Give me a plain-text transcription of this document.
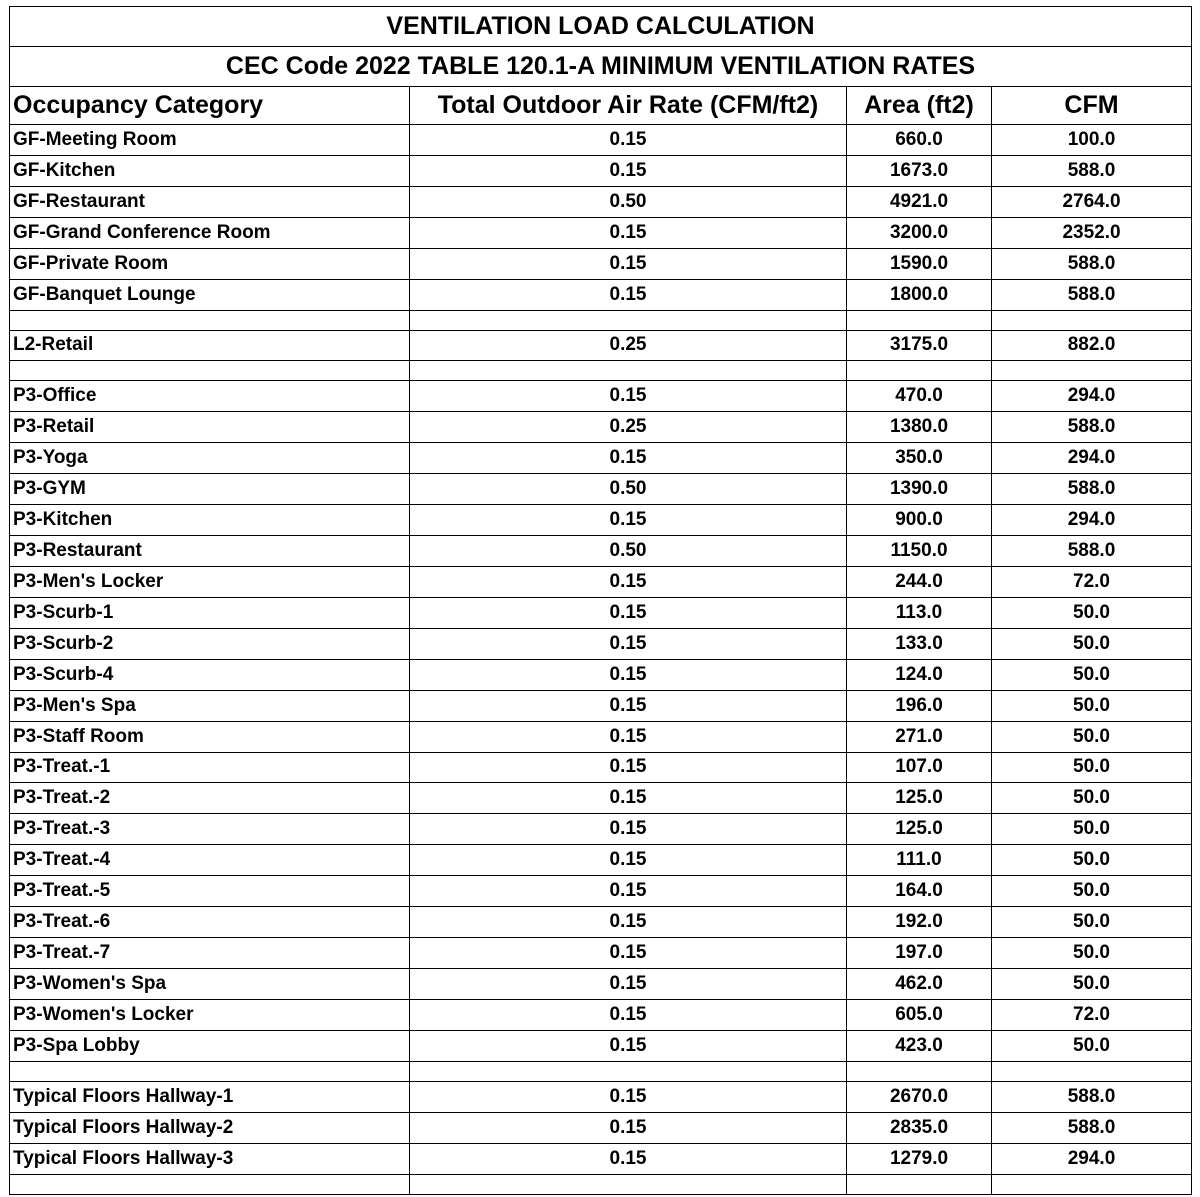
VENTILATION LOAD CALCULATION			
CEC Code 2022 TABLE 120.1-A MINIMUM VENTILATION RATES			
Occupancy Category	Total Outdoor Air Rate (CFM/ft2)	Area (ft2)	CFM
GF-Meeting Room	0.15	660.0	100.0
GF-Kitchen	0.15	1673.0	588.0
GF-Restaurant	0.50	4921.0	2764.0
GF-Grand Conference Room	0.15	3200.0	2352.0
GF-Private Room	0.15	1590.0	588.0
GF-Banquet Lounge	0.15	1800.0	588.0

L2-Retail	0.25	3175.0	882.0

P3-Office	0.15	470.0	294.0
P3-Retail	0.25	1380.0	588.0
P3-Yoga	0.15	350.0	294.0
P3-GYM	0.50	1390.0	588.0
P3-Kitchen	0.15	900.0	294.0
P3-Restaurant	0.50	1150.0	588.0
P3-Men's Locker	0.15	244.0	72.0
P3-Scurb-1	0.15	113.0	50.0
P3-Scurb-2	0.15	133.0	50.0
P3-Scurb-4	0.15	124.0	50.0
P3-Men's Spa	0.15	196.0	50.0
P3-Staff Room	0.15	271.0	50.0
P3-Treat.-1	0.15	107.0	50.0
P3-Treat.-2	0.15	125.0	50.0
P3-Treat.-3	0.15	125.0	50.0
P3-Treat.-4	0.15	111.0	50.0
P3-Treat.-5	0.15	164.0	50.0
P3-Treat.-6	0.15	192.0	50.0
P3-Treat.-7	0.15	197.0	50.0
P3-Women's Spa	0.15	462.0	50.0
P3-Women's Locker	0.15	605.0	72.0
P3-Spa Lobby	0.15	423.0	50.0

Typical Floors Hallway-1	0.15	2670.0	588.0
Typical Floors Hallway-2	0.15	2835.0	588.0
Typical Floors Hallway-3	0.15	1279.0	294.0
